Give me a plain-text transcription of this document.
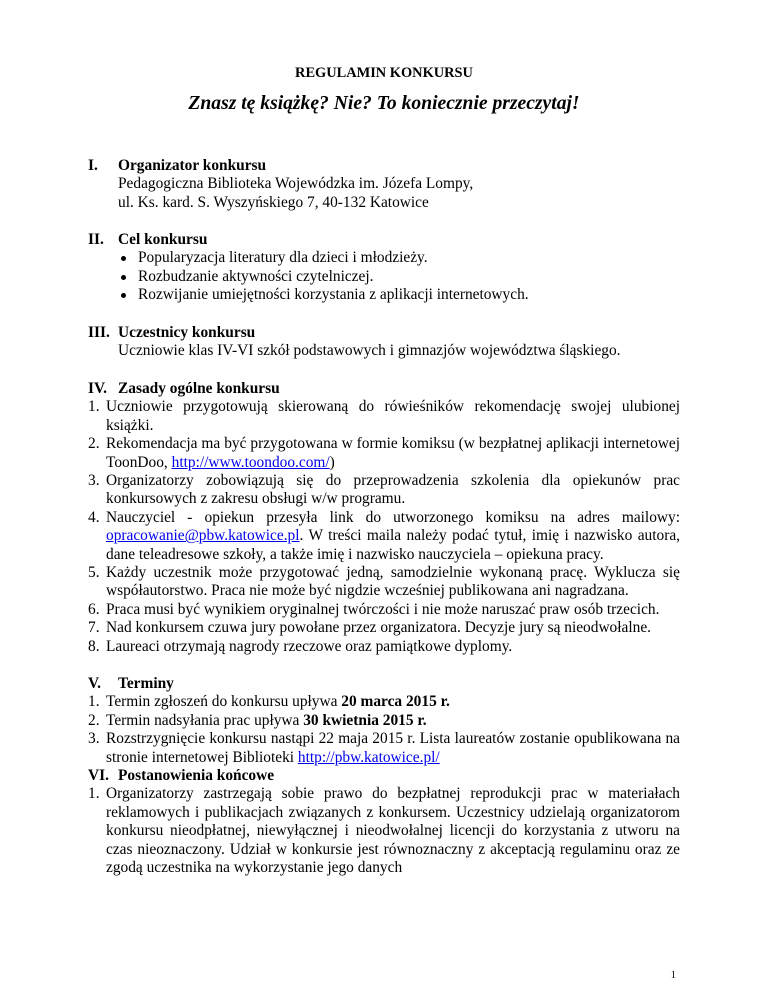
REGULAMIN KONKURSU
Znasz tę książkę? Nie? To koniecznie przeczytaj!
I.	Organizator konkursu
Pedagogiczna Biblioteka Wojewódzka im. Józefa Lompy,
ul. Ks. kard. S. Wyszyńskiego 7, 40-132 Katowice
II. Cel konkursu
Popularyzacja literatury dla dzieci i młodzieży.
Rozbudzanie aktywności czytelniczej.
Rozwijanie umiejętności korzystania z aplikacji internetowych.
III. Uczestnicy konkursu
Uczniowie klas IV-VI szkół podstawowych i gimnazjów województwa śląskiego.
IV. Zasady ogólne konkursu
1. Uczniowie przygotowują skierowaną do rówieśników rekomendację swojej ulubionej książki.
2. Rekomendacja ma być przygotowana w formie komiksu (w bezpłatnej aplikacji internetowej ToonDoo, http://www.toondoo.com/)
3. Organizatorzy zobowiązują się do przeprowadzenia szkolenia dla opiekunów prac konkursowych z zakresu obsługi w/w programu.
4. Nauczyciel - opiekun przesyła link do utworzonego komiksu na adres mailowy: opracowanie@pbw.katowice.pl. W treści maila należy podać tytuł, imię i nazwisko autora, dane teleadresowe szkoły, a także imię i nazwisko nauczyciela – opiekuna pracy.
5. Każdy uczestnik może przygotować jedną, samodzielnie wykonaną pracę. Wyklucza się współautorstwo. Praca nie może być nigdzie wcześniej publikowana ani nagradzana.
6. Praca musi być wynikiem oryginalnej twórczości i nie może naruszać praw osób trzecich.
7. Nad konkursem czuwa jury powołane przez organizatora. Decyzje jury są nieodwołalne.
8. Laureaci otrzymają nagrody rzeczowe oraz pamiątkowe dyplomy.
V.	Terminy
1. Termin zgłoszeń do konkursu upływa 20 marca 2015 r.
2. Termin nadsyłania prac upływa 30 kwietnia 2015 r.
3. Rozstrzygnięcie konkursu nastąpi 22 maja 2015 r. Lista laureatów zostanie opublikowana na stronie internetowej Biblioteki http://pbw.katowice.pl/
VI. Postanowienia końcowe
1. Organizatorzy zastrzegają sobie prawo do bezpłatnej reprodukcji prac w materiałach reklamowych i publikacjach związanych z konkursem. Uczestnicy udzielają organizatorom konkursu nieodpłatnej, niewyłącznej i nieodwołalnej licencji do korzystania z utworu na czas nieoznaczony. Udział w konkursie jest równoznaczny z akceptacją regulaminu oraz ze zgodą uczestnika na wykorzystanie jego danych
1
